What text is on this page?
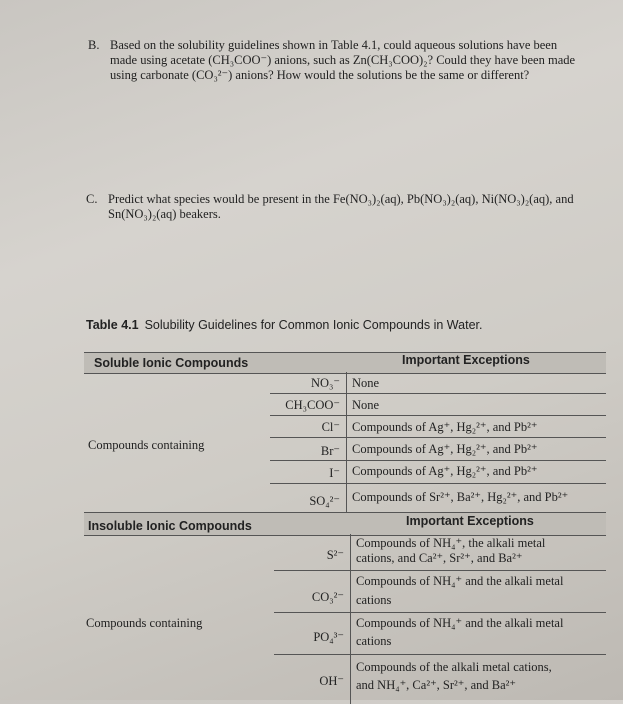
B. Based on the solubility guidelines shown in Table 4.1, could aqueous solutions have been made using acetate (CH₃COO⁻) anions, such as Zn(CH₃COO)₂? Could they have been made using carbonate (CO₃²⁻) anions? How would the solutions be the same or different?

C. Predict what species would be present in the Fe(NO₃)₂(aq), Pb(NO₃)₂(aq), Ni(NO₃)₂(aq), and Sn(NO₃)₂(aq) beakers.

Table 4.1 Solubility Guidelines for Common Ionic Compounds in Water.
Soluble Ionic Compounds	Important Exceptions
Compounds containing
NO₃⁻ None
CH₃COO⁻ None
Cl⁻ Compounds of Ag⁺, Hg₂²⁺, and Pb²⁺
Br⁻ Compounds of Ag⁺, Hg₂²⁺, and Pb²⁺
I⁻ Compounds of Ag⁺, Hg₂²⁺, and Pb²⁺
SO₄²⁻ Compounds of Sr²⁺, Ba²⁺, Hg₂²⁺, and Pb²⁺
Insoluble Ionic Compounds	Important Exceptions
Compounds containing
S²⁻
Compounds of NH₄⁺, the alkali metal
cations, and Ca²⁺, Sr²⁺, and Ba²⁺
CO₃²⁻
Compounds of NH₄⁺ and the alkali metal
cations
PO₄³⁻
Compounds of NH₄⁺ and the alkali metal
cations
OH⁻
Compounds of the alkali metal cations,
and NH₄⁺, Ca²⁺, Sr²⁺, and Ba²⁺
